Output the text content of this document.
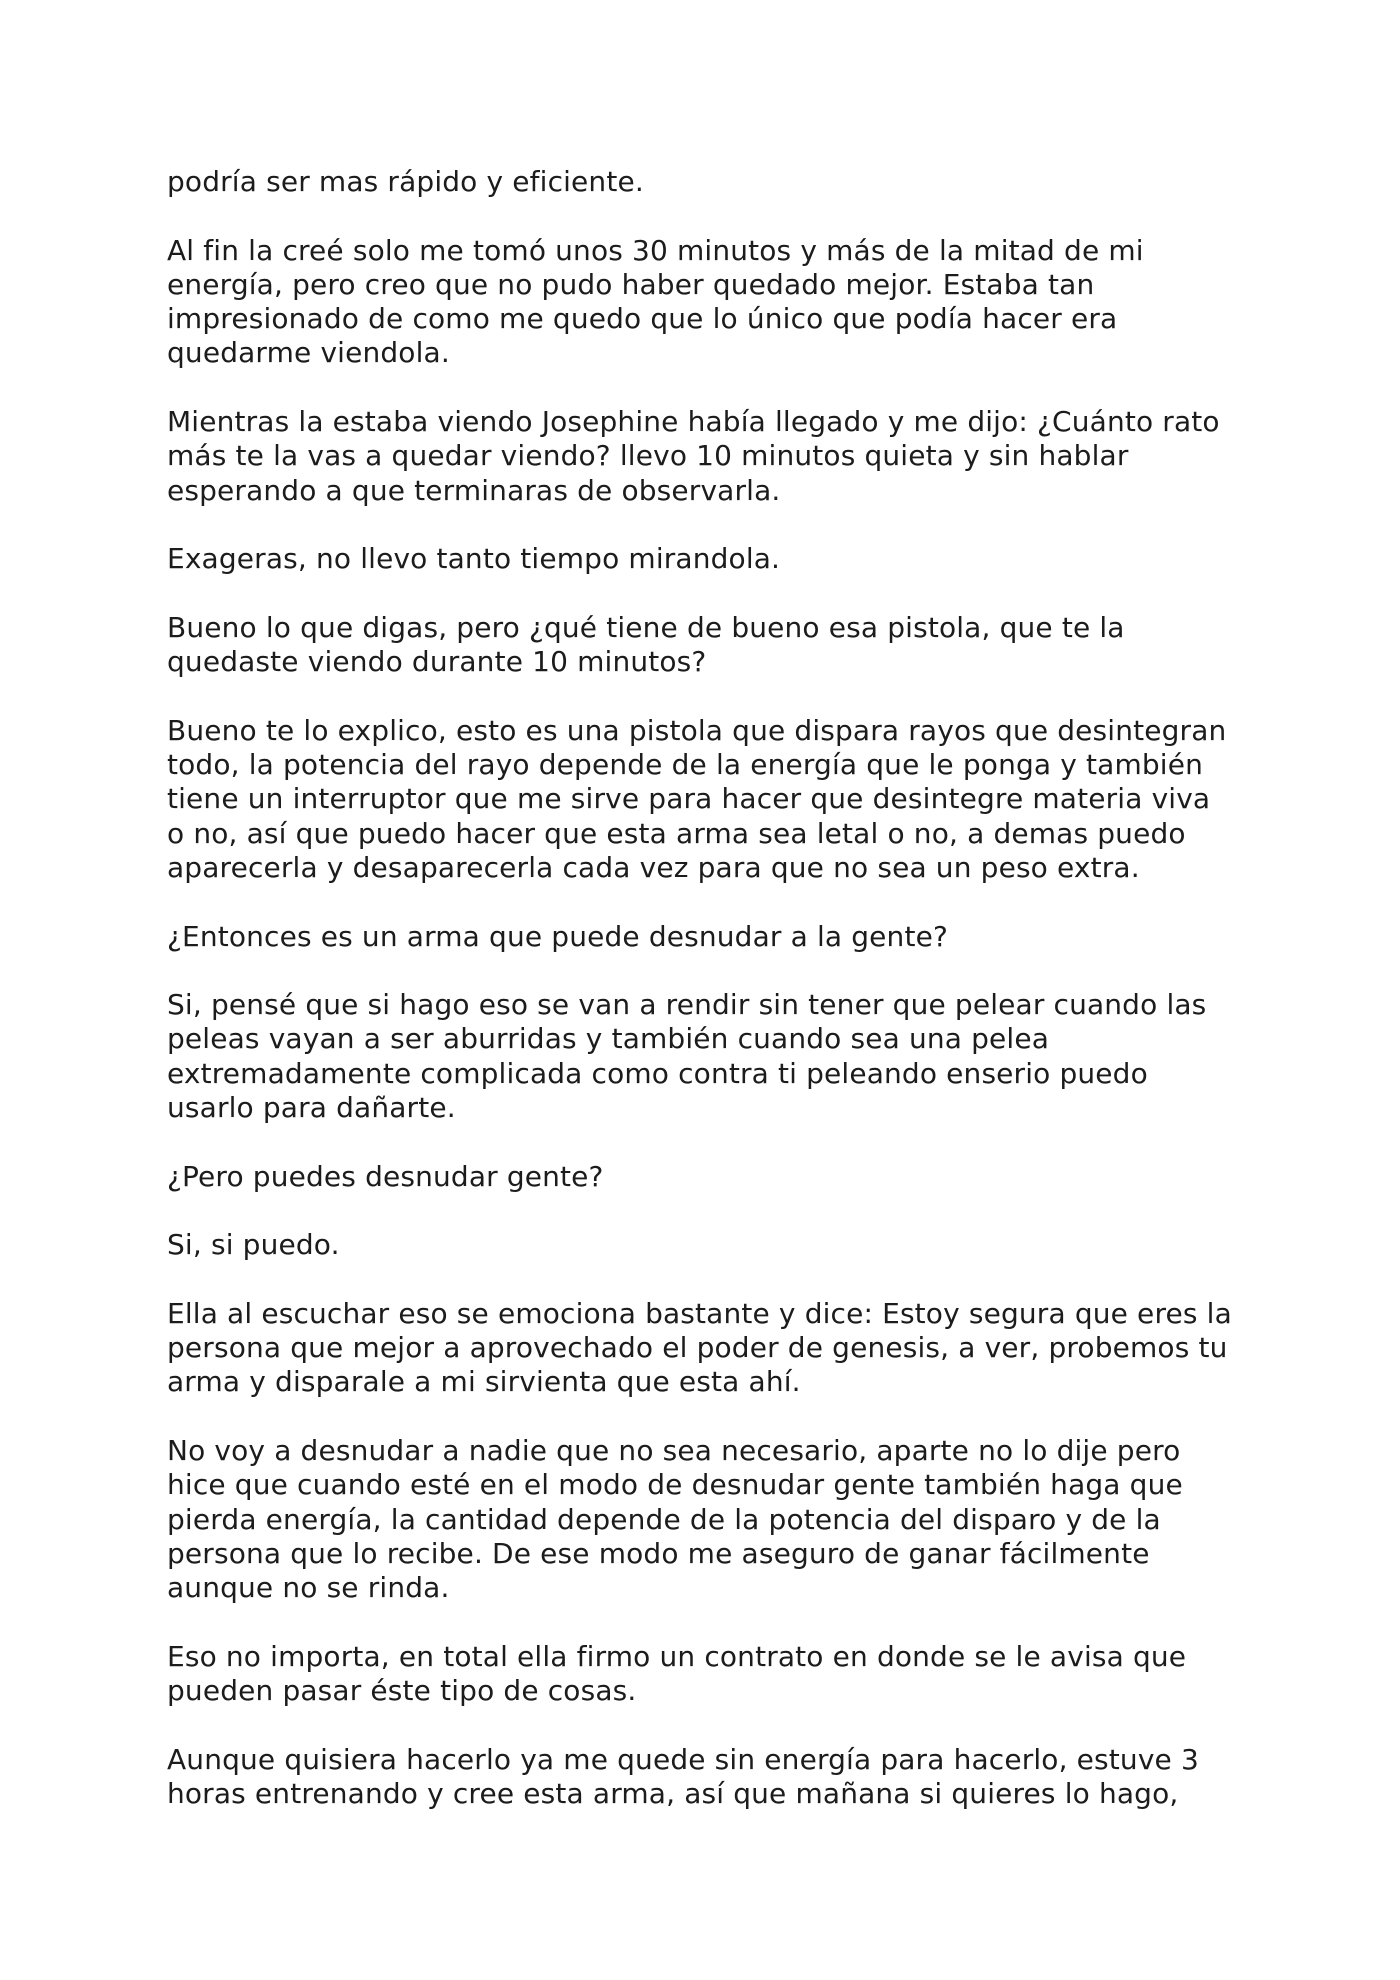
podría ser mas rápido y eficiente.

Al fin la creé solo me tomó unos 30 minutos y más de la mitad de mi
energía, pero creo que no pudo haber quedado mejor. Estaba tan
impresionado de como me quedo que lo único que podía hacer era
quedarme viendola.

Mientras la estaba viendo Josephine había llegado y me dijo: ¿Cuánto rato
más te la vas a quedar viendo? llevo 10 minutos quieta y sin hablar
esperando a que terminaras de observarla.

Exageras, no llevo tanto tiempo mirandola.

Bueno lo que digas, pero ¿qué tiene de bueno esa pistola, que te la
quedaste viendo durante 10 minutos?

Bueno te lo explico, esto es una pistola que dispara rayos que desintegran
todo, la potencia del rayo depende de la energía que le ponga y también
tiene un interruptor que me sirve para hacer que desintegre materia viva
o no, así que puedo hacer que esta arma sea letal o no, a demas puedo
aparecerla y desaparecerla cada vez para que no sea un peso extra.

¿Entonces es un arma que puede desnudar a la gente?

Si, pensé que si hago eso se van a rendir sin tener que pelear cuando las
peleas vayan a ser aburridas y también cuando sea una pelea
extremadamente complicada como contra ti peleando enserio puedo
usarlo para dañarte.

¿Pero puedes desnudar gente?

Si, si puedo.

Ella al escuchar eso se emociona bastante y dice: Estoy segura que eres la
persona que mejor a aprovechado el poder de genesis, a ver, probemos tu
arma y disparale a mi sirvienta que esta ahí.

No voy a desnudar a nadie que no sea necesario, aparte no lo dije pero
hice que cuando esté en el modo de desnudar gente también haga que
pierda energía, la cantidad depende de la potencia del disparo y de la
persona que lo recibe. De ese modo me aseguro de ganar fácilmente
aunque no se rinda.

Eso no importa, en total ella firmo un contrato en donde se le avisa que
pueden pasar éste tipo de cosas.

Aunque quisiera hacerlo ya me quede sin energía para hacerlo, estuve 3
horas entrenando y cree esta arma, así que mañana si quieres lo hago,
